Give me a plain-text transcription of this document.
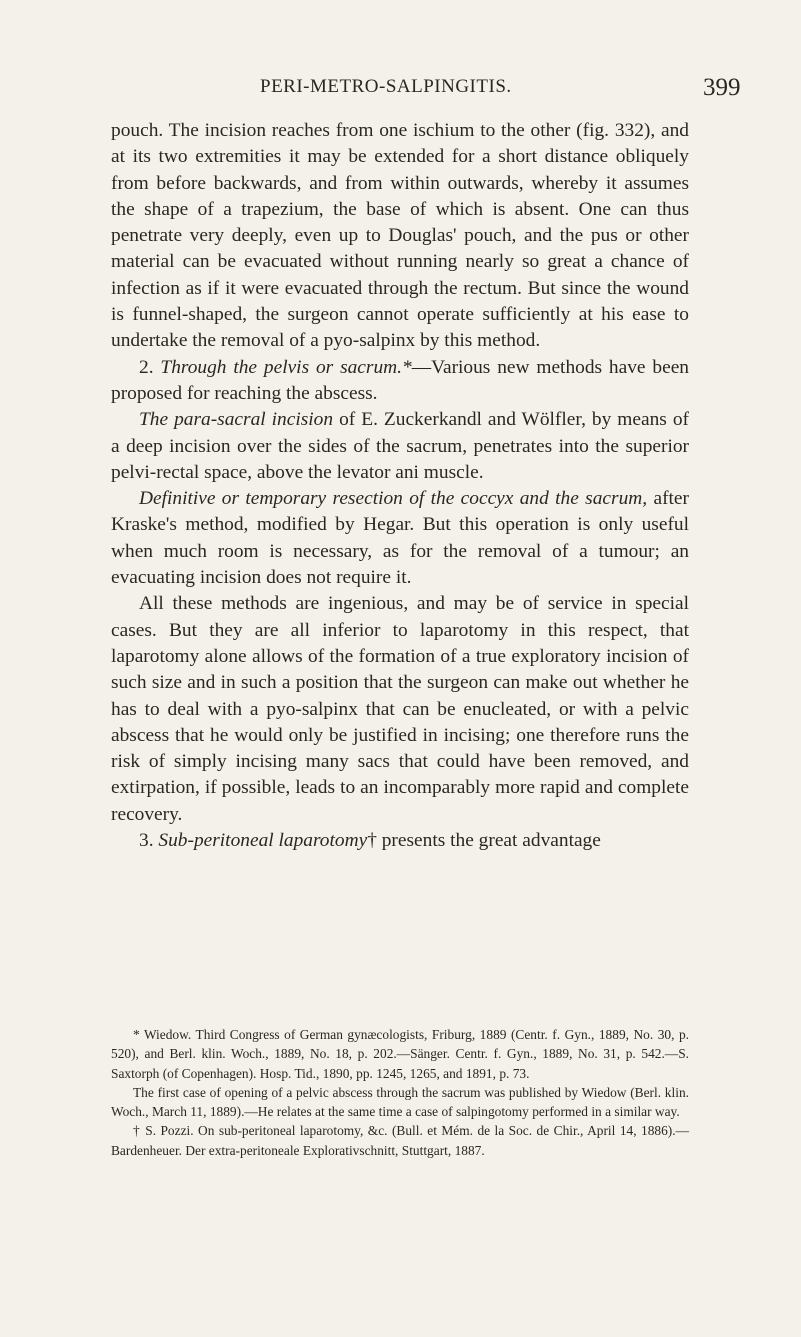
PERI-METRO-SALPINGITIS.	399

pouch. The incision reaches from one ischium to the other (fig. 332), and at its two extremities it may be extended for a short distance obliquely from before backwards, and from within outwards, whereby it assumes the shape of a trapezium, the base of which is absent. One can thus penetrate very deeply, even up to Douglas' pouch, and the pus or other material can be evacuated without running nearly so great a chance of infection as if it were evacuated through the rectum. But since the wound is funnel-shaped, the surgeon cannot operate sufficiently at his ease to undertake the removal of a pyo-salpinx by this method.

2. Through the pelvis or sacrum.*—Various new methods have been proposed for reaching the abscess.

The para-sacral incision of E. Zuckerkandl and Wölfler, by means of a deep incision over the sides of the sacrum, penetrates into the superior pelvi-rectal space, above the levator ani muscle.

Definitive or temporary resection of the coccyx and the sacrum, after Kraske's method, modified by Hegar. But this operation is only useful when much room is necessary, as for the removal of a tumour; an evacuating incision does not require it.

All these methods are ingenious, and may be of service in special cases. But they are all inferior to laparotomy in this respect, that laparotomy alone allows of the formation of a true exploratory incision of such size and in such a position that the surgeon can make out whether he has to deal with a pyo-salpinx that can be enucleated, or with a pelvic abscess that he would only be justified in incising; one therefore runs the risk of simply incising many sacs that could have been removed, and extirpation, if possible, leads to an incomparably more rapid and complete recovery.

3. Sub-peritoneal laparotomy† presents the great advantage

* Wiedow. Third Congress of German gynæcologists, Friburg, 1889 (Centr. f. Gyn., 1889, No. 30, p. 520), and Berl. klin. Woch., 1889, No. 18, p. 202.—Sänger. Centr. f. Gyn., 1889, No. 31, p. 542.—S. Saxtorph (of Copenhagen). Hosp. Tid., 1890, pp. 1245, 1265, and 1891, p. 73.

The first case of opening of a pelvic abscess through the sacrum was published by Wiedow (Berl. klin. Woch., March 11, 1889).—He relates at the same time a case of salpingotomy performed in a similar way.

† S. Pozzi. On sub-peritoneal laparotomy, &c. (Bull. et Mém. de la Soc. de Chir., April 14, 1886).—Bardenheuer. Der extra-peritoneale Explorativschnitt, Stuttgart, 1887.
